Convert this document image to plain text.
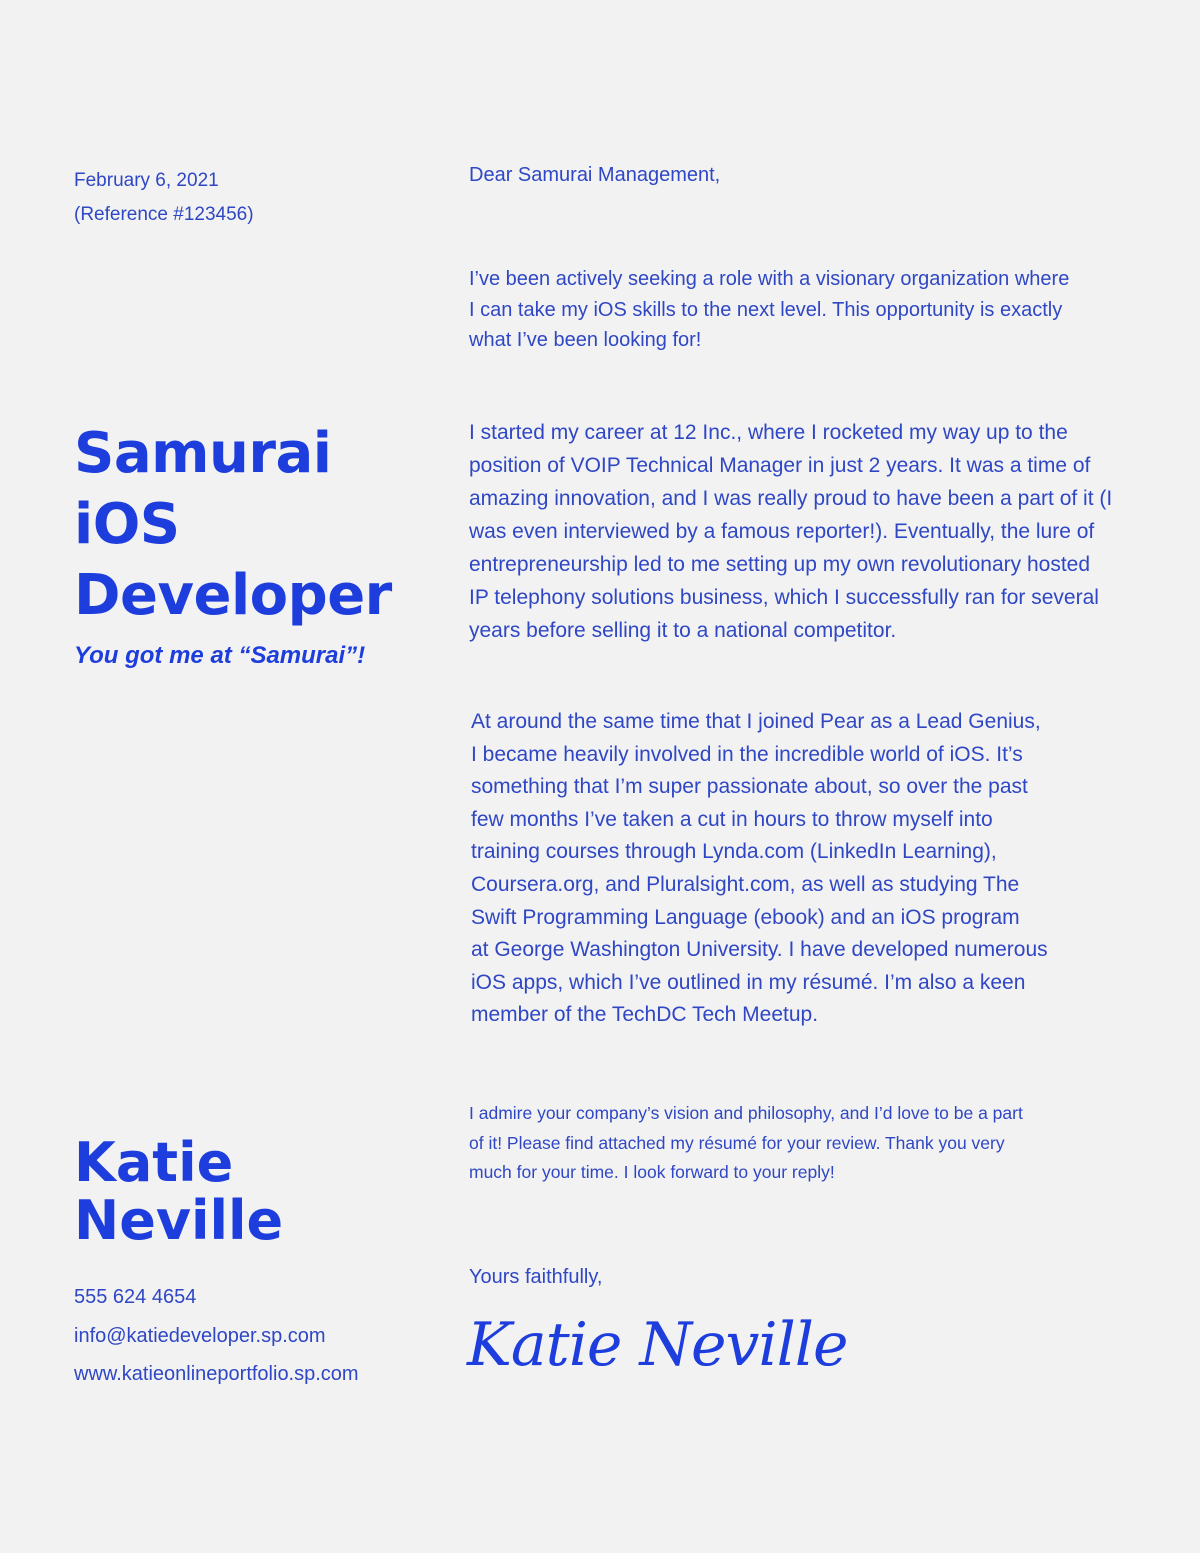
February 6, 2021
(Reference #123456)
Samurai
iOS
Developer
You got me at “Samurai”!
Katie
Neville
555 624 4654
info@katiedeveloper.sp.com
www.katieonlineportfolio.sp.com
Dear Samurai Management,
I’ve been actively seeking a role with a visionary organization where
I can take my iOS skills to the next level. This opportunity is exactly
what I’ve been looking for!
I started my career at 12 Inc., where I rocketed my way up to the
position of VOIP Technical Manager in just 2 years. It was a time of
amazing innovation, and I was really proud to have been a part of it (I
was even interviewed by a famous reporter!). Eventually, the lure of
entrepreneurship led to me setting up my own revolutionary hosted
IP telephony solutions business, which I successfully ran for several
years before selling it to a national competitor.
At around the same time that I joined Pear as a Lead Genius,
I became heavily involved in the incredible world of iOS. It’s
something that I’m super passionate about, so over the past
few months I’ve taken a cut in hours to throw myself into
training courses through Lynda.com (LinkedIn Learning),
Coursera.org, and Pluralsight.com, as well as studying The
Swift Programming Language (ebook) and an iOS program
at George Washington University. I have developed numerous
iOS apps, which I’ve outlined in my résumé. I’m also a keen
member of the TechDC Tech Meetup.
I admire your company’s vision and philosophy, and I’d love to be a part
of it! Please find attached my résumé for your review. Thank you very
much for your time. I look forward to your reply!
Yours faithfully,
Katie Neville
